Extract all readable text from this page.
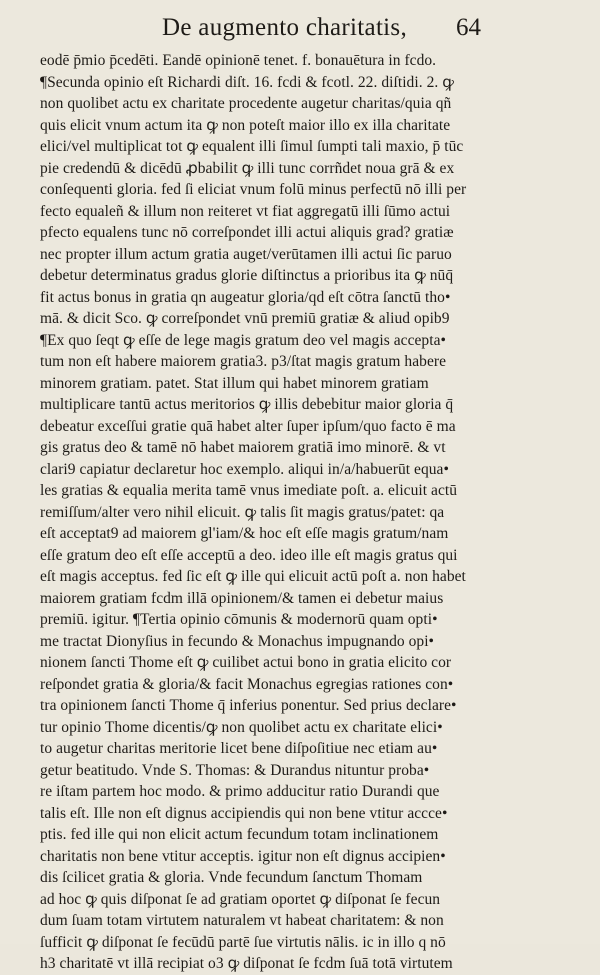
De augmento charitatis, 64
eodē p̄mio p̄cedēti. Eandē opinionē tenet. f. bonauētura in fcdo.
¶Secunda opinio eſt Richardi diſt. 16. fcdi & fcotl. 22. diſtidi. 2. ꝙ
non quolibet actu ex charitate procedente augetur charitas/quia qñ
quis elicit vnum actum ita ꝙ non poteſt maior illo ex illa charitate
elici/vel multiplicat tot ꝙ equalent illi ſimul ſumpti tali maxio, p̄ tūc
pie credendū & dicēdū ꝓbabilit ꝙ illi tunc corrñdet noua grā & ex
conſequenti gloria. fed ſi eliciat vnum folū minus perfectū nō illi per
fecto equaleñ & illum non reiteret vt fiat aggregatū illi ſūmo actui
pfecto equalens tunc nō correſpondet illi actui aliquis grad? gratiæ
nec propter illum actum gratia auget/verūtamen illi actui ſic paruo
debetur determinatus gradus glorie diſtinctus a prioribus ita ꝙ nūq̄
fit actus bonus in gratia qn augeatur gloria/qd eſt cōtra ſanctū tho•
mā. & dicit Sco. ꝙ correſpondet vnū premiū gratiæ & aliud opib9
¶Ex quo ſeqt ꝙ eſſe de lege magis gratum deo vel magis accepta•
tum non eſt habere maiorem gratia3. p3/ſtat magis gratum habere
minorem gratiam. patet. Stat illum qui habet minorem gratiam
multiplicare tantū actus meritorios ꝙ illis debebitur maior gloria q̄
debeatur exceſſui gratie quā habet alter ſuper ipſum/quo facto ē ma
gis gratus deo & tamē nō habet maiorem gratiā imo minorē. & vt
clari9 capiatur declaretur hoc exemplo. aliqui in/a/habuerūt equa•
les gratias & equalia merita tamē vnus imediate poſt. a. elicuit actū
remiſſum/alter vero nihil elicuit. ꝙ talis ſit magis gratus/patet: qa
eſt acceptat9 ad maiorem gl'iam/& hoc eſt eſſe magis gratum/nam
eſſe gratum deo eſt eſſe acceptū a deo. ideo ille eſt magis gratus qui
eſt magis acceptus. fed ſic eſt ꝙ ille qui elicuit actū poſt a. non habet
maiorem gratiam fcdm illā opinionem/& tamen ei debetur maius
premiū. igitur. ¶Tertia opinio cōmunis & modernorū quam opti•
me tractat Dionyſius in fecundo & Monachus impugnando opi•
nionem ſancti Thome eſt ꝙ cuilibet actui bono in gratia elicito cor
reſpondet gratia & gloria/& facit Monachus egregias rationes con•
tra opinionem ſancti Thome q̄ inferius ponentur. Sed prius declare•
tur opinio Thome dicentis/ꝙ non quolibet actu ex charitate elici•
to augetur charitas meritorie licet bene diſpoſitiue nec etiam au•
getur beatitudo. Vnde S. Thomas: & Durandus nituntur proba•
re iſtam partem hoc modo. & primo adducitur ratio Durandi que
talis eſt. Ille non eſt dignus accipiendis qui non bene vtitur accce•
ptis. fed ille qui non elicit actum fecundum totam inclinationem
charitatis non bene vtitur acceptis. igitur non eſt dignus accipien•
dis ſcilicet gratia & gloria. Vnde fecundum ſanctum Thomam
ad hoc ꝙ quis diſponat ſe ad gratiam oportet ꝙ diſponat ſe fecun
dum ſuam totam virtutem naturalem vt habeat charitatem: & non
ſufficit ꝙ diſponat ſe fecūdū partē ſue virtutis nālis. ic in illo q nō
h3 charitatē vt illā recipiat o3 ꝙ diſponat ſe fcdm ſuā totā virtutem
